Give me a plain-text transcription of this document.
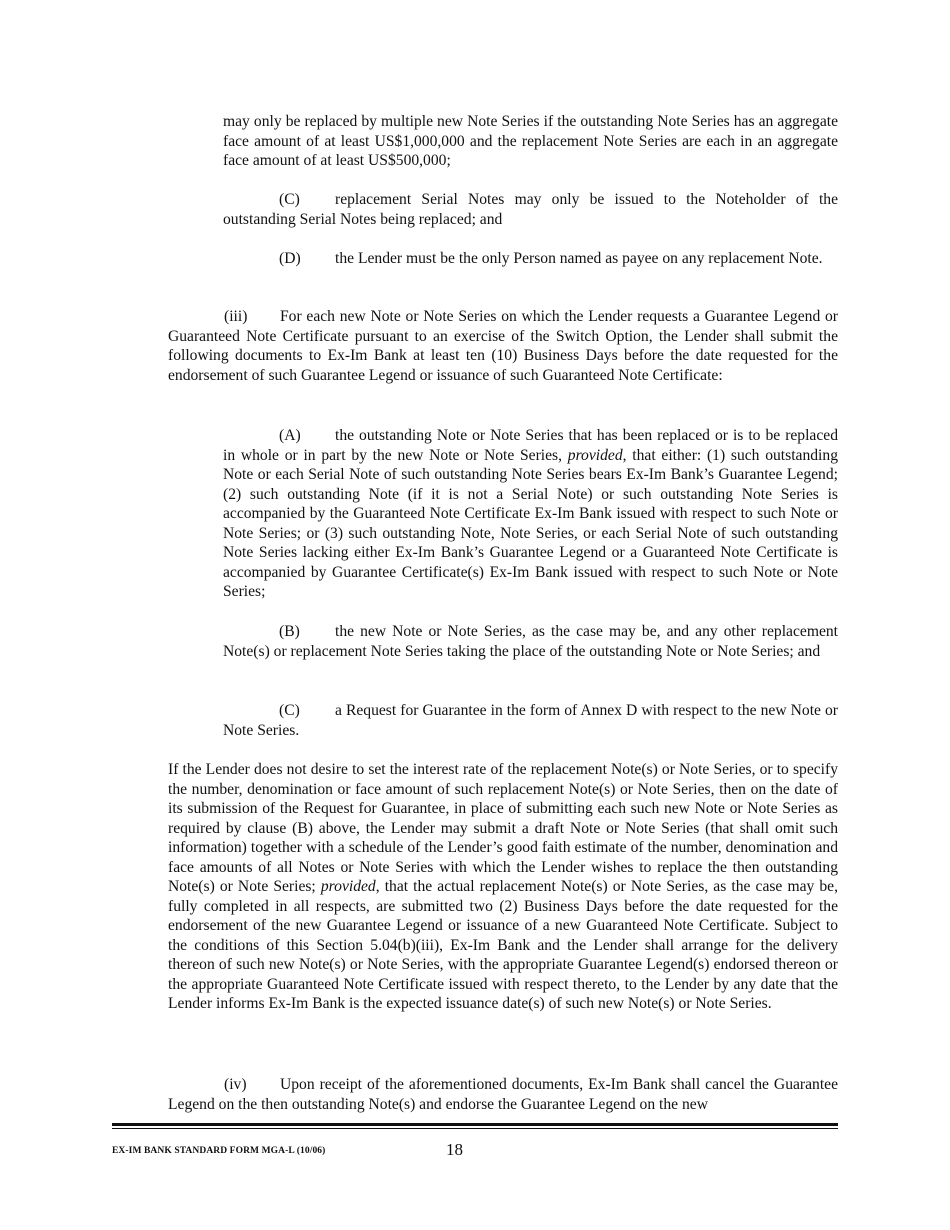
may only be replaced by multiple new Note Series if the outstanding Note Series has an aggregate face amount of at least US$1,000,000 and the replacement Note Series are each in an aggregate face amount of at least US$500,000;

(C) replacement Serial Notes may only be issued to the Noteholder of the outstanding Serial Notes being replaced; and

(D) the Lender must be the only Person named as payee on any replacement Note.

(iii) For each new Note or Note Series on which the Lender requests a Guarantee Legend or Guaranteed Note Certificate pursuant to an exercise of the Switch Option, the Lender shall submit the following documents to Ex-Im Bank at least ten (10) Business Days before the date requested for the endorsement of such Guarantee Legend or issuance of such Guaranteed Note Certificate:

(A) the outstanding Note or Note Series that has been replaced or is to be replaced in whole or in part by the new Note or Note Series, provided, that either: (1) such outstanding Note or each Serial Note of such outstanding Note Series bears Ex-Im Bank’s Guarantee Legend; (2) such outstanding Note (if it is not a Serial Note) or such outstanding Note Series is accompanied by the Guaranteed Note Certificate Ex-Im Bank issued with respect to such Note or Note Series; or (3) such outstanding Note, Note Series, or each Serial Note of such outstanding Note Series lacking either Ex-Im Bank’s Guarantee Legend or a Guaranteed Note Certificate is accompanied by Guarantee Certificate(s) Ex-Im Bank issued with respect to such Note or Note Series;

(B) the new Note or Note Series, as the case may be, and any other replacement Note(s) or replacement Note Series taking the place of the outstanding Note or Note Series; and

(C) a Request for Guarantee in the form of Annex D with respect to the new Note or Note Series.

If the Lender does not desire to set the interest rate of the replacement Note(s) or Note Series, or to specify the number, denomination or face amount of such replacement Note(s) or Note Series, then on the date of its submission of the Request for Guarantee, in place of submitting each such new Note or Note Series as required by clause (B) above, the Lender may submit a draft Note or Note Series (that shall omit such information) together with a schedule of the Lender’s good faith estimate of the number, denomination and face amounts of all Notes or Note Series with which the Lender wishes to replace the then outstanding Note(s) or Note Series; provided, that the actual replacement Note(s) or Note Series, as the case may be, fully completed in all respects, are submitted two (2) Business Days before the date requested for the endorsement of the new Guarantee Legend or issuance of a new Guaranteed Note Certificate. Subject to the conditions of this Section 5.04(b)(iii), Ex-Im Bank and the Lender shall arrange for the delivery thereon of such new Note(s) or Note Series, with the appropriate Guarantee Legend(s) endorsed thereon or the appropriate Guaranteed Note Certificate issued with respect thereto, to the Lender by any date that the Lender informs Ex-Im Bank is the expected issuance date(s) of such new Note(s) or Note Series.

(iv) Upon receipt of the aforementioned documents, Ex-Im Bank shall cancel the Guarantee Legend on the then outstanding Note(s) and endorse the Guarantee Legend on the new

EX-IM BANK STANDARD FORM MGA-L (10/06)	18
